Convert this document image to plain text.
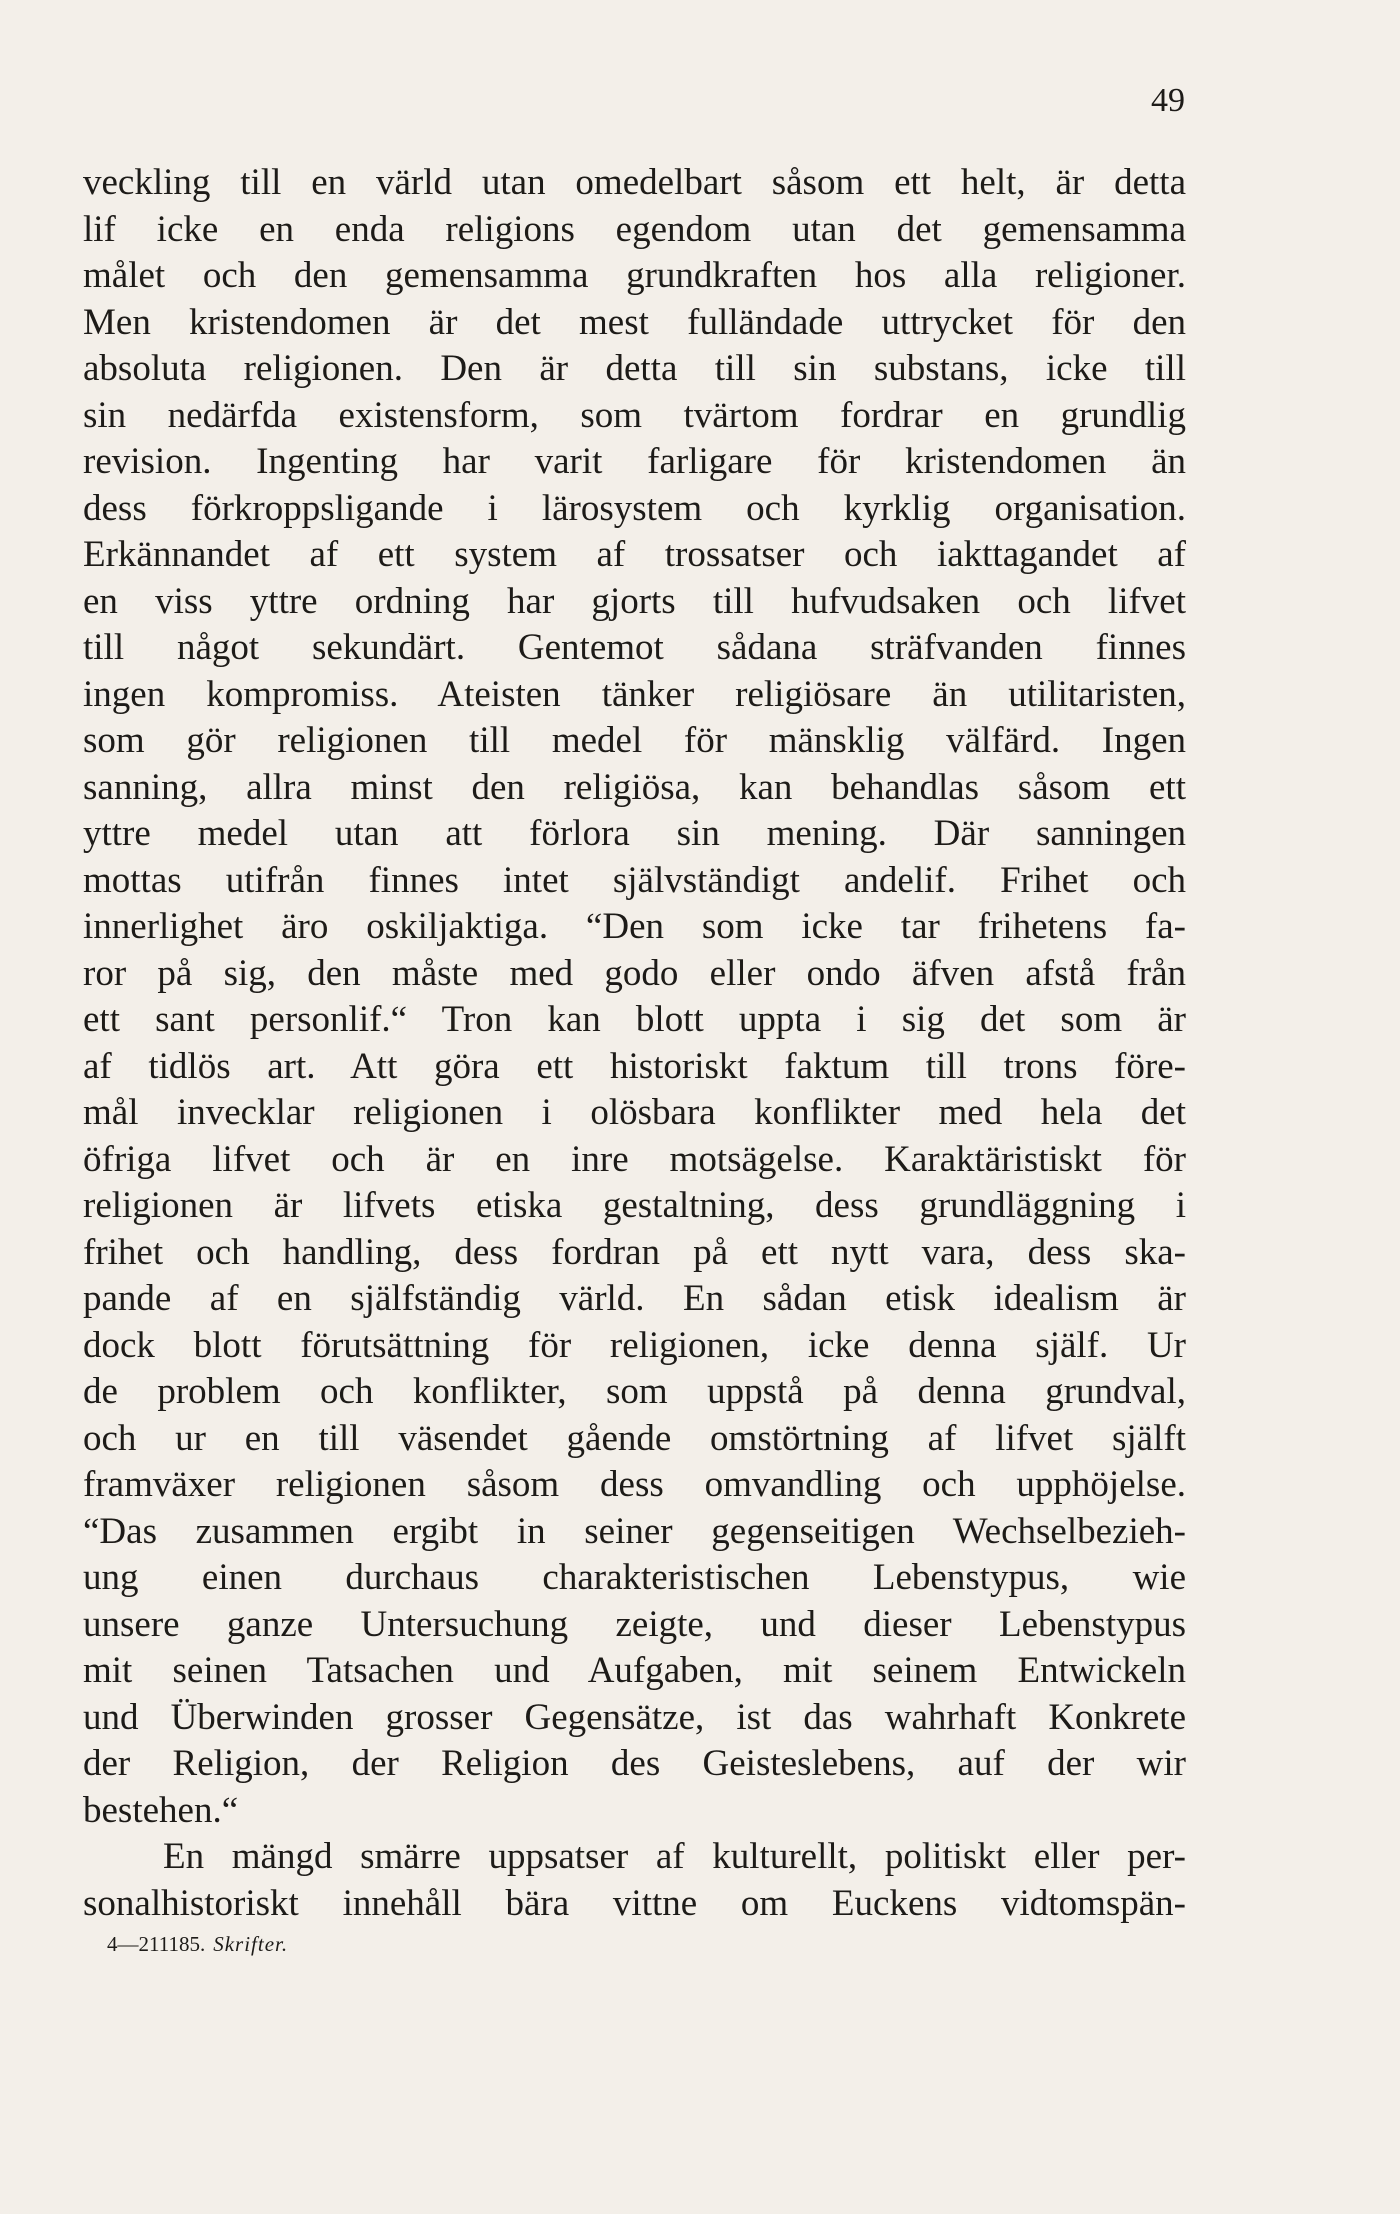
49
veckling till en värld utan omedelbart såsom ett helt, är detta
lif icke en enda religions egendom utan det gemensamma
målet och den gemensamma grundkraften hos alla religioner.
Men kristendomen är det mest fulländade uttrycket för den
absoluta religionen. Den är detta till sin substans, icke till
sin nedärfda existensform, som tvärtom fordrar en grundlig
revision. Ingenting har varit farligare för kristendomen än
dess förkroppsligande i lärosystem och kyrklig organisation.
Erkännandet af ett system af trossatser och iakttagandet af
en viss yttre ordning har gjorts till hufvudsaken och lifvet
till något sekundärt. Gentemot sådana sträfvanden finnes
ingen kompromiss. Ateisten tänker religiösare än utilitaristen,
som gör religionen till medel för mänsklig välfärd. Ingen
sanning, allra minst den religiösa, kan behandlas såsom ett
yttre medel utan att förlora sin mening. Där sanningen
mottas utifrån finnes intet självständigt andelif. Frihet och
innerlighet äro oskiljaktiga. “Den som icke tar frihetens fa-
ror på sig, den måste med godo eller ondo äfven afstå från
ett sant personlif.“ Tron kan blott uppta i sig det som är
af tidlös art. Att göra ett historiskt faktum till trons före-
mål invecklar religionen i olösbara konflikter med hela det
öfriga lifvet och är en inre motsägelse. Karaktäristiskt för
religionen är lifvets etiska gestaltning, dess grundläggning i
frihet och handling, dess fordran på ett nytt vara, dess ska-
pande af en själfständig värld. En sådan etisk idealism är
dock blott förutsättning för religionen, icke denna själf. Ur
de problem och konflikter, som uppstå på denna grundval,
och ur en till väsendet gående omstörtning af lifvet själft
framväxer religionen såsom dess omvandling och upphöjelse.
“Das zusammen ergibt in seiner gegenseitigen Wechselbezieh-
ung einen durchaus charakteristischen Lebenstypus, wie
unsere ganze Untersuchung zeigte, und dieser Lebenstypus
mit seinen Tatsachen und Aufgaben, mit seinem Entwickeln
und Überwinden grosser Gegensätze, ist das wahrhaft Konkrete
der Religion, der Religion des Geisteslebens, auf der wir
bestehen.“
En mängd smärre uppsatser af kulturellt, politiskt eller per-
sonalhistoriskt innehåll bära vittne om Euckens vidtomspän-
4—211185. Skrifter.
